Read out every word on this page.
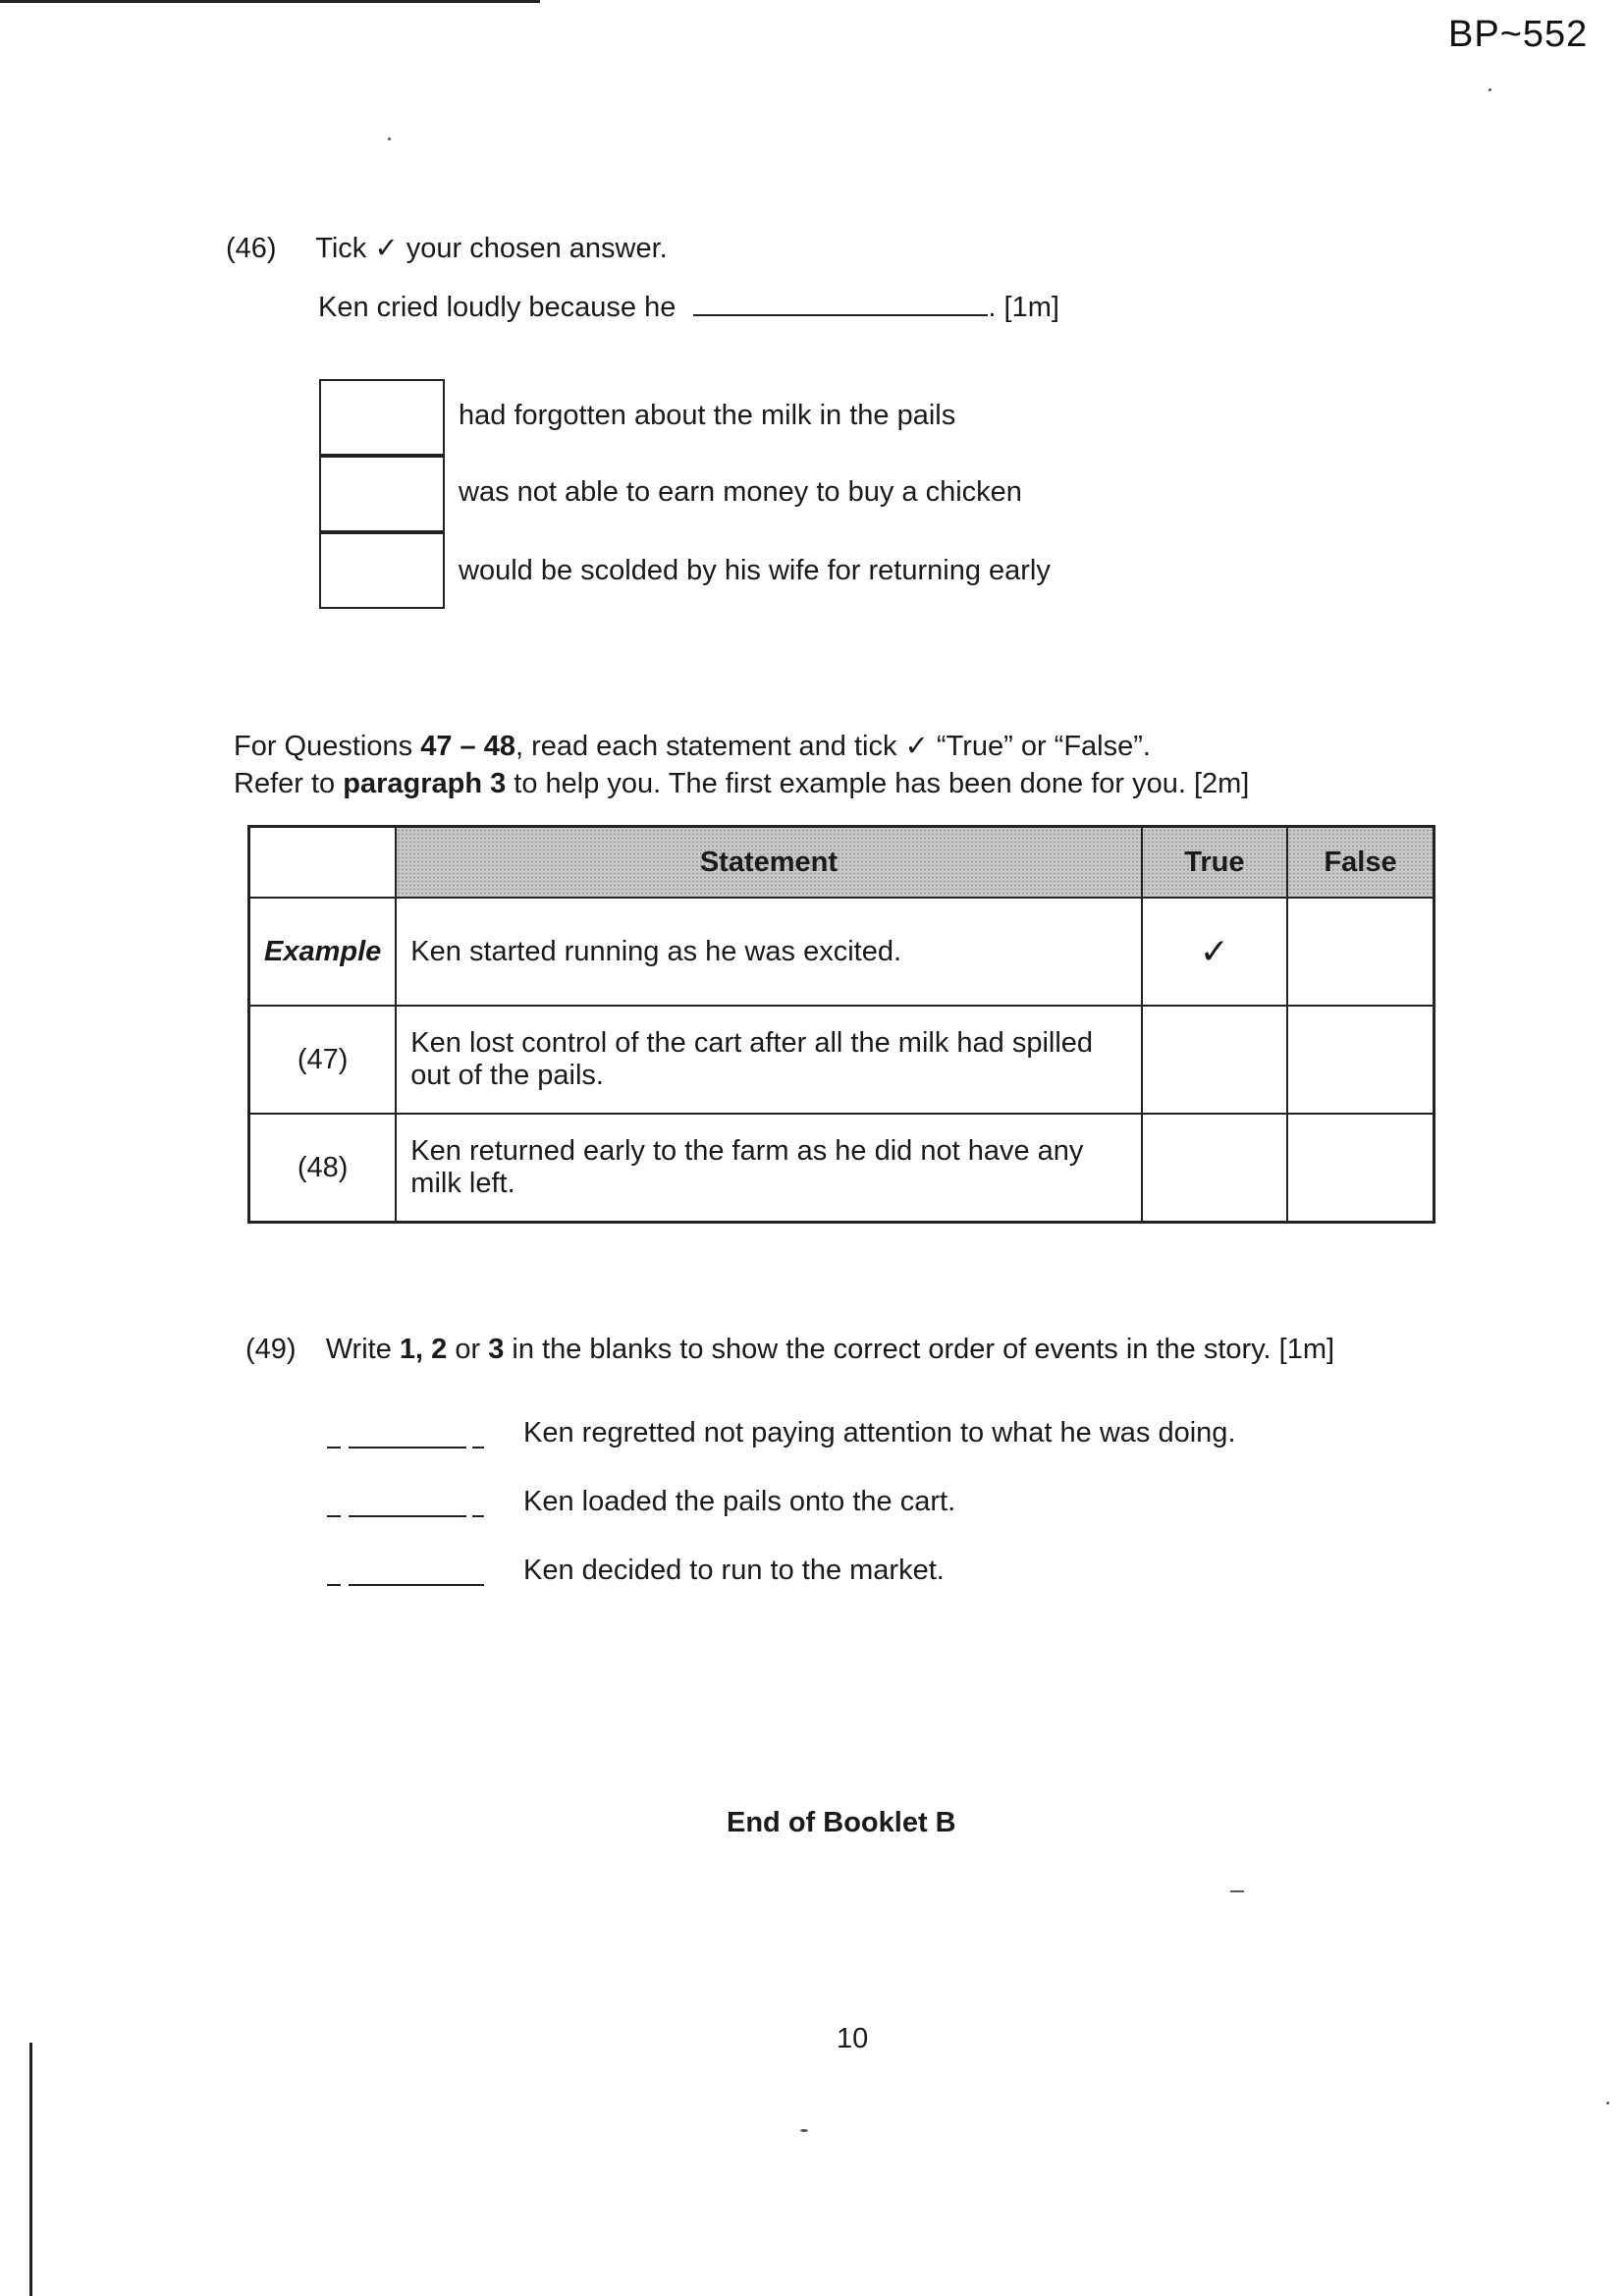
BP~552
(46) Tick ✓ your chosen answer.
Ken cried loudly because he	. [1m]
had forgotten about the milk in the pails
was not able to earn money to buy a chicken
would be scolded by his wife for returning early
For Questions 47 – 48, read each statement and tick ✓ “True” or “False”.
Refer to paragraph 3 to help you. The first example has been done for you. [2m]
	Statement	True	False
Example	Ken started running as he was excited.	✓	
(47)	Ken lost control of the cart after all the milk had spilled out of the pails.		
(48)	Ken returned early to the farm as he did not have any milk left.		
(49) Write 1, 2 or 3 in the blanks to show the correct order of events in the story. [1m]
Ken regretted not paying attention to what he was doing.
Ken loaded the pails onto the cart.
Ken decided to run to the market.
End of Booklet B
10
